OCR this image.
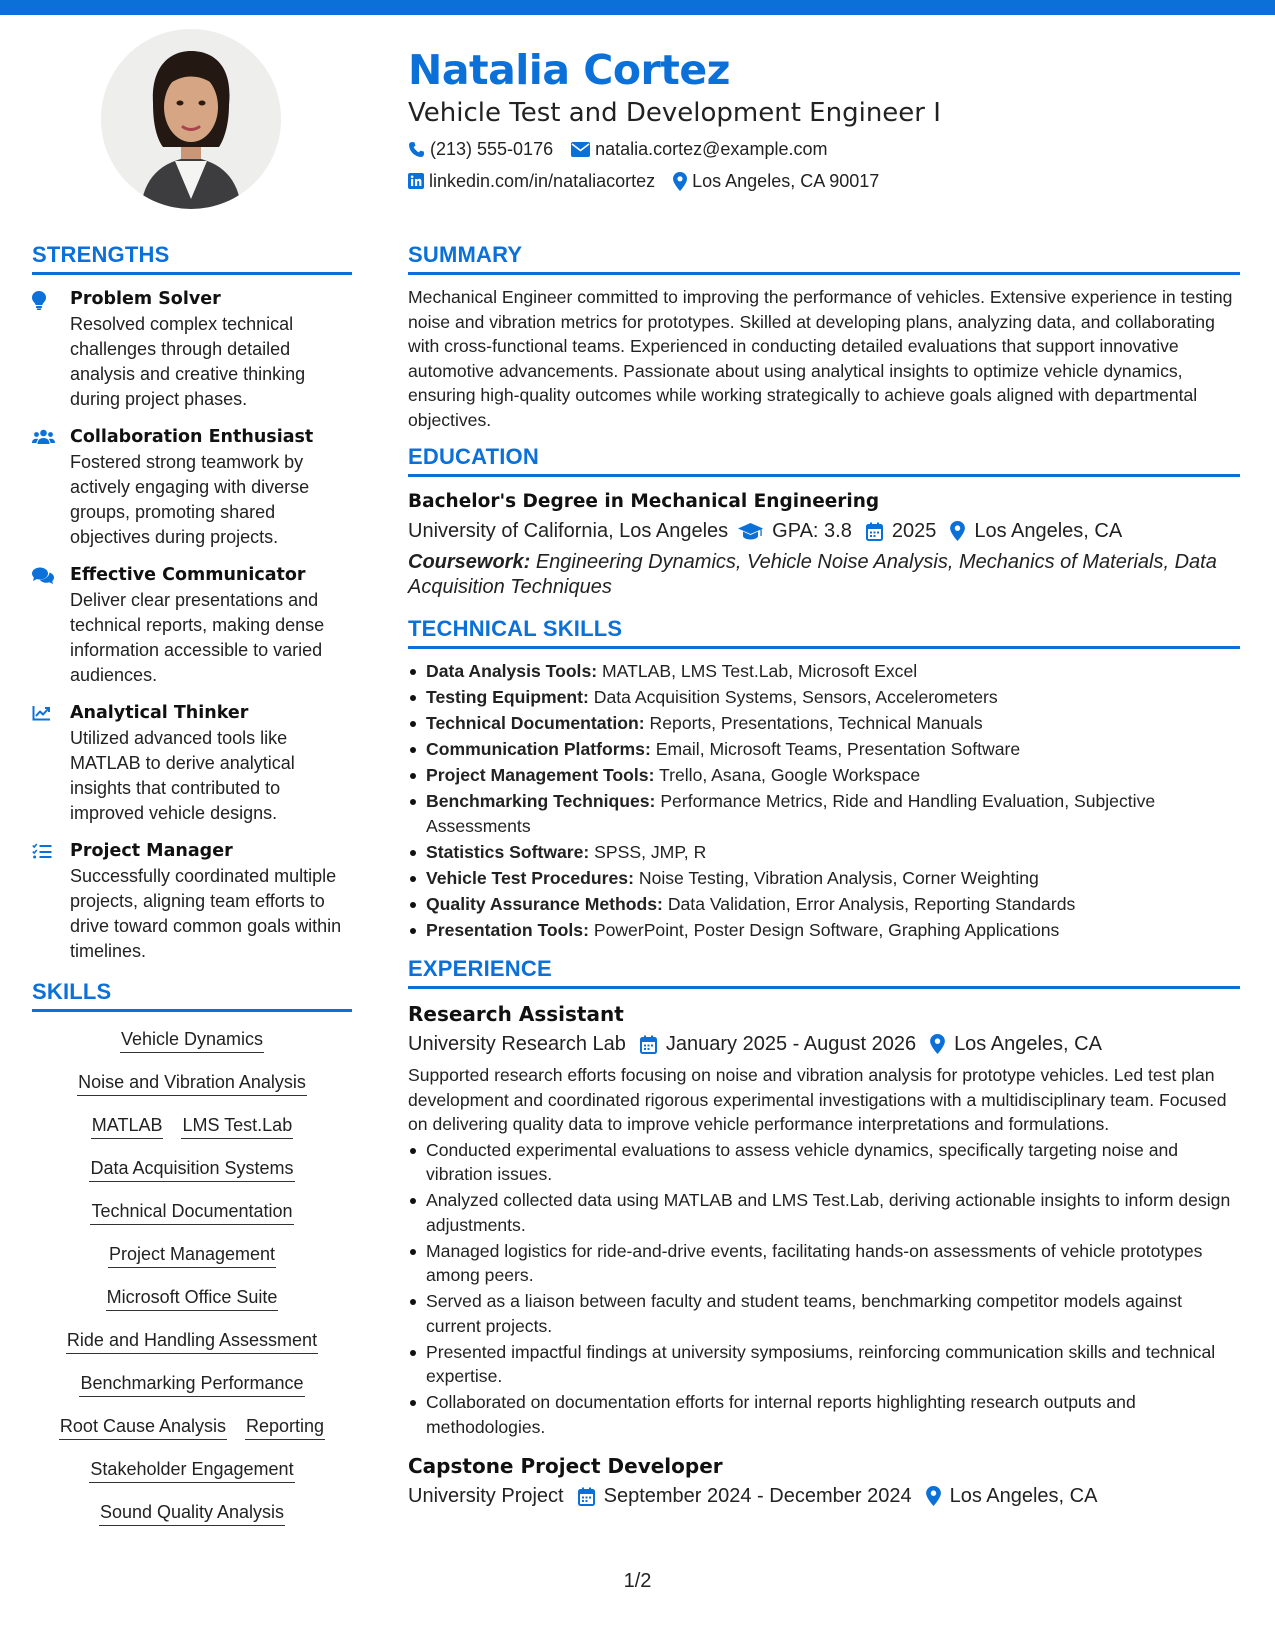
Natalia Cortez
Vehicle Test and Development Engineer I
(213) 555-0176 natalia.cortez@example.com
linkedin.com/in/nataliacortez Los Angeles, CA 90017
STRENGTHS
Problem Solver
Resolved complex technical challenges through detailed analysis and creative thinking during project phases.
Collaboration Enthusiast
Fostered strong teamwork by actively engaging with diverse groups, promoting shared objectives during projects.
Effective Communicator
Deliver clear presentations and technical reports, making dense information accessible to varied audiences.
Analytical Thinker
Utilized advanced tools like MATLAB to derive analytical insights that contributed to improved vehicle designs.
Project Manager
Successfully coordinated multiple projects, aligning team efforts to drive toward common goals within timelines.
SKILLS
Vehicle Dynamics
Noise and Vibration Analysis
MATLAB LMS Test.Lab
Data Acquisition Systems
Technical Documentation
Project Management
Microsoft Office Suite
Ride and Handling Assessment
Benchmarking Performance
Root Cause Analysis Reporting
Stakeholder Engagement
Sound Quality Analysis
SUMMARY
Mechanical Engineer committed to improving the performance of vehicles. Extensive experience in testing noise and vibration metrics for prototypes. Skilled at developing plans, analyzing data, and collaborating with cross-functional teams. Experienced in conducting detailed evaluations that support innovative automotive advancements. Passionate about using analytical insights to optimize vehicle dynamics, ensuring high-quality outcomes while working strategically to achieve goals aligned with departmental objectives.
EDUCATION
Bachelor's Degree in Mechanical Engineering
University of California, Los Angeles GPA: 3.8 2025 Los Angeles, CA
Coursework: Engineering Dynamics, Vehicle Noise Analysis, Mechanics of Materials, Data Acquisition Techniques
TECHNICAL SKILLS
Data Analysis Tools: MATLAB, LMS Test.Lab, Microsoft Excel
Testing Equipment: Data Acquisition Systems, Sensors, Accelerometers
Technical Documentation: Reports, Presentations, Technical Manuals
Communication Platforms: Email, Microsoft Teams, Presentation Software
Project Management Tools: Trello, Asana, Google Workspace
Benchmarking Techniques: Performance Metrics, Ride and Handling Evaluation, Subjective Assessments
Statistics Software: SPSS, JMP, R
Vehicle Test Procedures: Noise Testing, Vibration Analysis, Corner Weighting
Quality Assurance Methods: Data Validation, Error Analysis, Reporting Standards
Presentation Tools: PowerPoint, Poster Design Software, Graphing Applications
EXPERIENCE
Research Assistant
University Research Lab January 2025 - August 2026 Los Angeles, CA
Supported research efforts focusing on noise and vibration analysis for prototype vehicles. Led test plan development and coordinated rigorous experimental investigations with a multidisciplinary team. Focused on delivering quality data to improve vehicle performance interpretations and formulations.
Conducted experimental evaluations to assess vehicle dynamics, specifically targeting noise and vibration issues.
Analyzed collected data using MATLAB and LMS Test.Lab, deriving actionable insights to inform design adjustments.
Managed logistics for ride-and-drive events, facilitating hands-on assessments of vehicle prototypes among peers.
Served as a liaison between faculty and student teams, benchmarking competitor models against current projects.
Presented impactful findings at university symposiums, reinforcing communication skills and technical expertise.
Collaborated on documentation efforts for internal reports highlighting research outputs and methodologies.
Capstone Project Developer
University Project September 2024 - December 2024 Los Angeles, CA
1/2
